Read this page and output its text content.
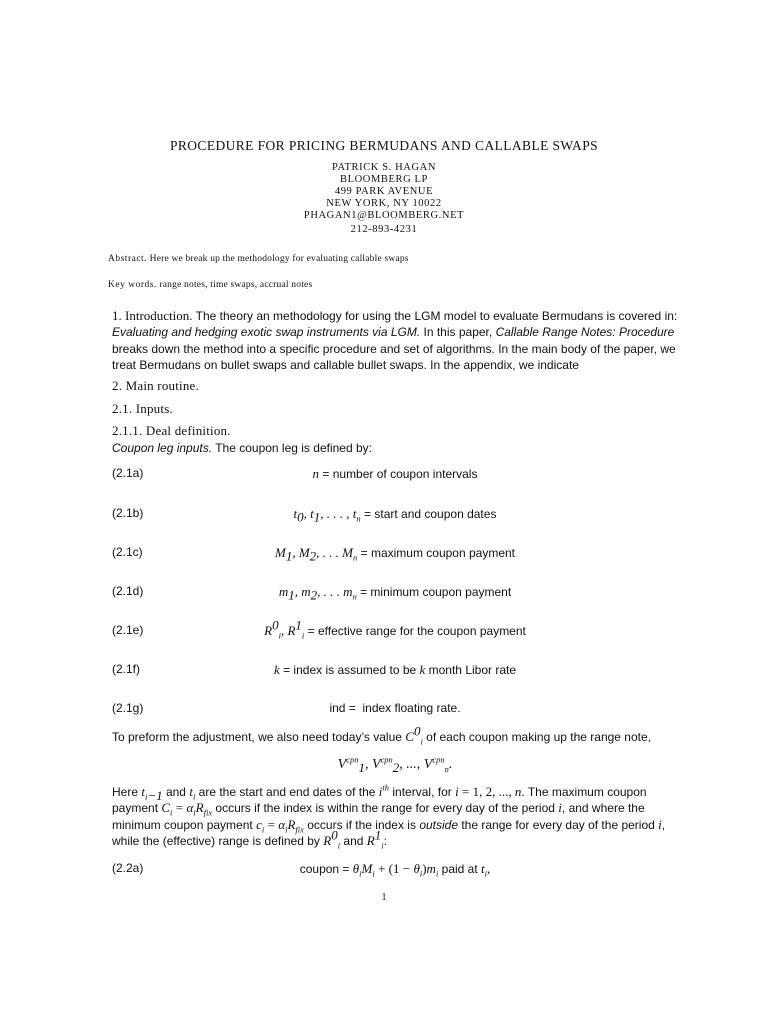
PROCEDURE FOR PRICING BERMUDANS AND CALLABLE SWAPS
PATRICK S. HAGAN
BLOOMBERG LP
499 PARK AVENUE
NEW YORK, NY 10022
PHAGAN1@BLOOMBERG.NET
212-893-4231
Abstract. Here we break up the methodology for evaluating callable swaps
Key words. range notes, time swaps, accrual notes
1. Introduction. The theory an methodology for using the LGM model to evaluate Bermudans is covered in: Evaluating and hedging exotic swap instruments via LGM. In this paper, Callable Range Notes: Procedure breaks down the method into a specific procedure and set of algorithms. In the main body of the paper, we treat Bermudans on bullet swaps and callable bullet swaps. In the appendix, we indicate
2. Main routine.
2.1. Inputs.
2.1.1. Deal definition.
Coupon leg inputs. The coupon leg is defined by:
(2.1a)	n = number of coupon intervals
(2.1b)	$t_0$, $t_1$, . . . , $t_n$ = start and coupon dates
(2.1c)	$M_1$, $M_2$, . . . $M_n$ = maximum coupon payment
(2.1d)	$m_1$, $m_2$, . . . $m_n$ = minimum coupon payment
(2.1e)	$R^0_i$, $R^1_i$ = effective range for the coupon payment
(2.1f)	k = index is assumed to be k month Libor rate
(2.1g)	ind = index floating rate.
To preform the adjustment, we also need today’s value $C^0_i$ of each coupon making up the range note,
$V^{cpn}_1$, $V^{cpn}_2$, ..., $V^{cpn}_n$.
Here $t_{i-1}$ and $t_i$ are the start and end dates of the $i^{th}$ interval, for i = 1, 2, ..., n. The maximum coupon payment $C_i = \alpha_iR_{fix}$ occurs if the index is within the range for every day of the period i, and where the minimum coupon payment $c_i = \alpha_iR_{fix}$ occurs if the index is outside the range for every day of the period i, while the (effective) range is defined by $R^0_i$ and $R^1_i$:
(2.2a)	coupon = $\theta_iM_i + (1 - \theta_i)m_i$ paid at $t_i$,
1
